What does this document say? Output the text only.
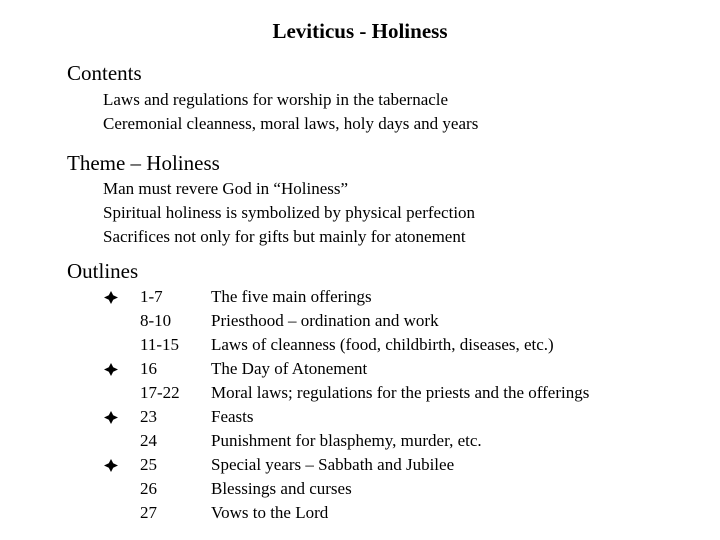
Leviticus - Holiness
Contents
Laws and regulations for worship in the tabernacle
Ceremonial cleanness, moral laws, holy days and years
Theme – Holiness
Man must revere God in “Holiness”
Spiritual holiness is symbolized by physical perfection
Sacrifices not only for gifts but mainly for atonement
Outlines
1-7	The five main offerings
8-10 Priesthood – ordination and work
11-15 Laws of cleanness (food, childbirth, diseases, etc.)
16	The Day of Atonement
17-22 Moral laws; regulations for the priests and the offerings
23	Feasts
24	Punishment for blasphemy, murder, etc.
25	Special years – Sabbath and Jubilee
26	Blessings and curses
27	Vows to the Lord
